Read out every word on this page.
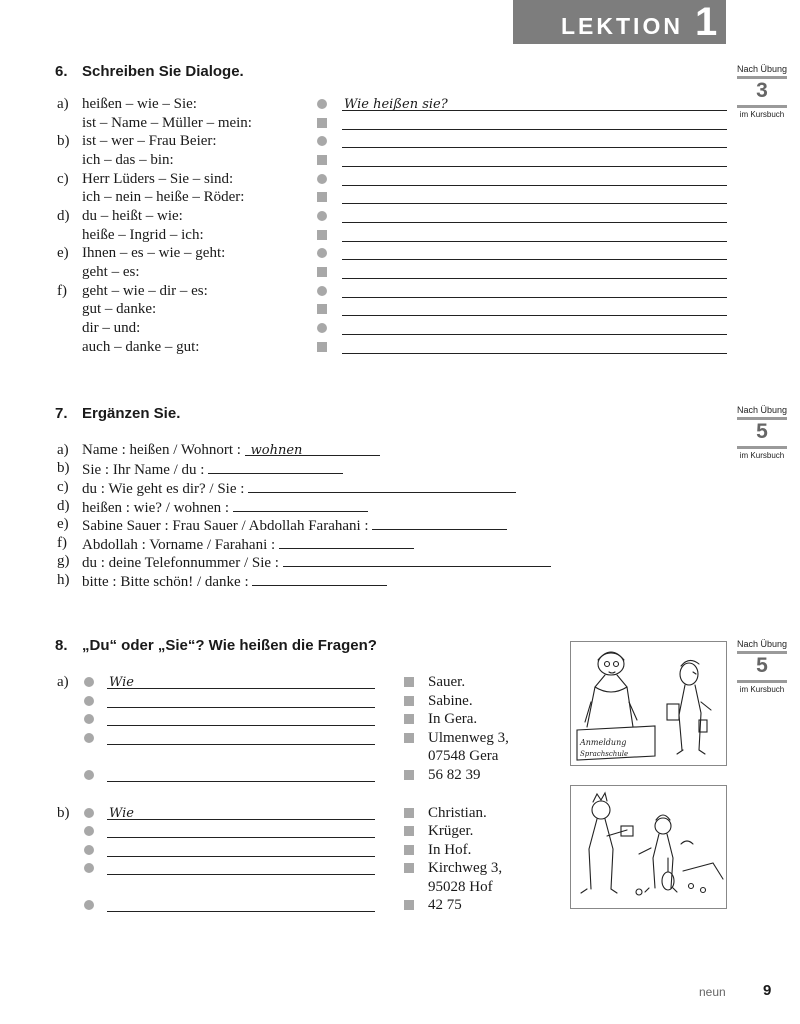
LEKTION 1
6. Schreiben Sie Dialoge.	Nach Übung
3
im Kursbuch
a) heißen – wie – Sie:	Wie heißen sie?
ist – Name – Müller – mein:
b) ist – wer – Frau Beier:
ich – das – bin:
c) Herr Lüders – Sie – sind:
ich – nein – heiße – Röder:
d) du – heißt – wie:
heiße – Ingrid – ich:
e) Ihnen – es – wie – geht:
geht – es:
f) geht – wie – dir – es:
gut – danke:
dir – und:
auch – danke – gut:
7. Ergänzen Sie.	Nach Übung
5
im Kursbuch
a) Name : heißen / Wohnort : wohnen
b) Sie : Ihr Name / du :
c) du : Wie geht es dir? / Sie :
d) heißen : wie? / wohnen :
e) Sabine Sauer : Frau Sauer / Abdollah Farahani :
f) Abdollah : Vorname / Farahani :
g) du : deine Telefonnummer / Sie :
h) bitte : Bitte schön! / danke :
8. „Du“ oder „Sie“? Wie heißen die Fragen?	Nach Übung
5
im Kursbuch
a)	Wie	Sauer.
Sabine.
In Gera.
Ulmenweg 3,
07548 Gera
56 82 39
b)	Wie	Christian.
Krüger.
In Hof.
Kirchweg 3,
95028 Hof
42 75
Anmeldung
Sprachschule
neun 9
